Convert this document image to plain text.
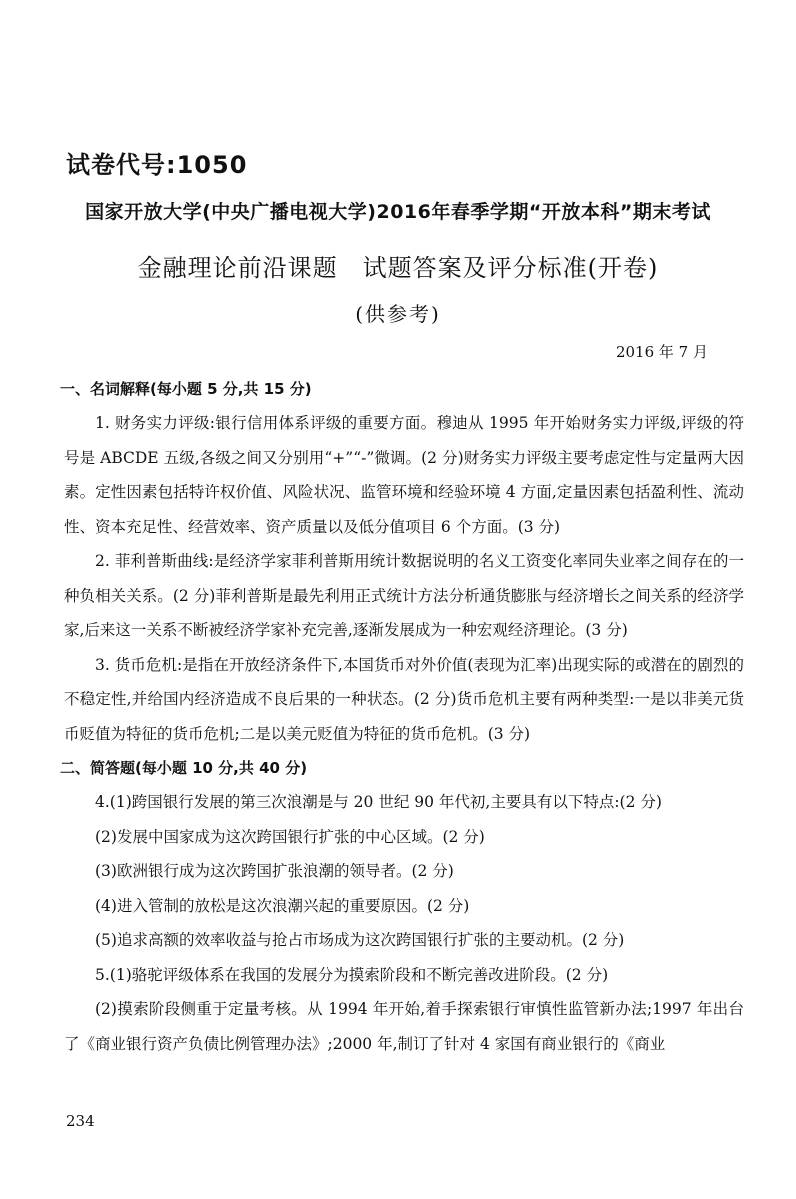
试卷代号:1050
国家开放大学(中央广播电视大学)2016年春季学期“开放本科”期末考试
金融理论前沿课题　试题答案及评分标准(开卷)
(供参考)
2016 年 7 月
一、名词解释(每小题 5 分,共 15 分)

1. 财务实力评级:银行信用体系评级的重要方面。穆迪从 1995 年开始财务实力评级,评级的符号是 ABCDE 五级,各级之间又分别用“+”“-”微调。(2 分)财务实力评级主要考虑定性与定量两大因素。定性因素包括特许权价值、风险状况、监管环境和经验环境 4 方面,定量因素包括盈利性、流动性、资本充足性、经营效率、资产质量以及低分值项目 6 个方面。(3 分)

2. 菲利普斯曲线:是经济学家菲利普斯用统计数据说明的名义工资变化率同失业率之间存在的一种负相关关系。(2 分)菲利普斯是最先利用正式统计方法分析通货膨胀与经济增长之间关系的经济学家,后来这一关系不断被经济学家补充完善,逐渐发展成为一种宏观经济理论。(3 分)

3. 货币危机:是指在开放经济条件下,本国货币对外价值(表现为汇率)出现实际的或潜在的剧烈的不稳定性,并给国内经济造成不良后果的一种状态。(2 分)货币危机主要有两种类型:一是以非美元货币贬值为特征的货币危机;二是以美元贬值为特征的货币危机。(3 分)

二、简答题(每小题 10 分,共 40 分)

4.(1)跨国银行发展的第三次浪潮是与 20 世纪 90 年代初,主要具有以下特点:(2 分)

(2)发展中国家成为这次跨国银行扩张的中心区域。(2 分)

(3)欧洲银行成为这次跨国扩张浪潮的领导者。(2 分)

(4)进入管制的放松是这次浪潮兴起的重要原因。(2 分)

(5)追求高额的效率收益与抢占市场成为这次跨国银行扩张的主要动机。(2 分)

5.(1)骆驼评级体系在我国的发展分为摸索阶段和不断完善改进阶段。(2 分)

(2)摸索阶段侧重于定量考核。从 1994 年开始,着手探索银行审慎性监管新办法;1997 年出台了《商业银行资产负债比例管理办法》;2000 年,制订了针对 4 家国有商业银行的《商业

234
